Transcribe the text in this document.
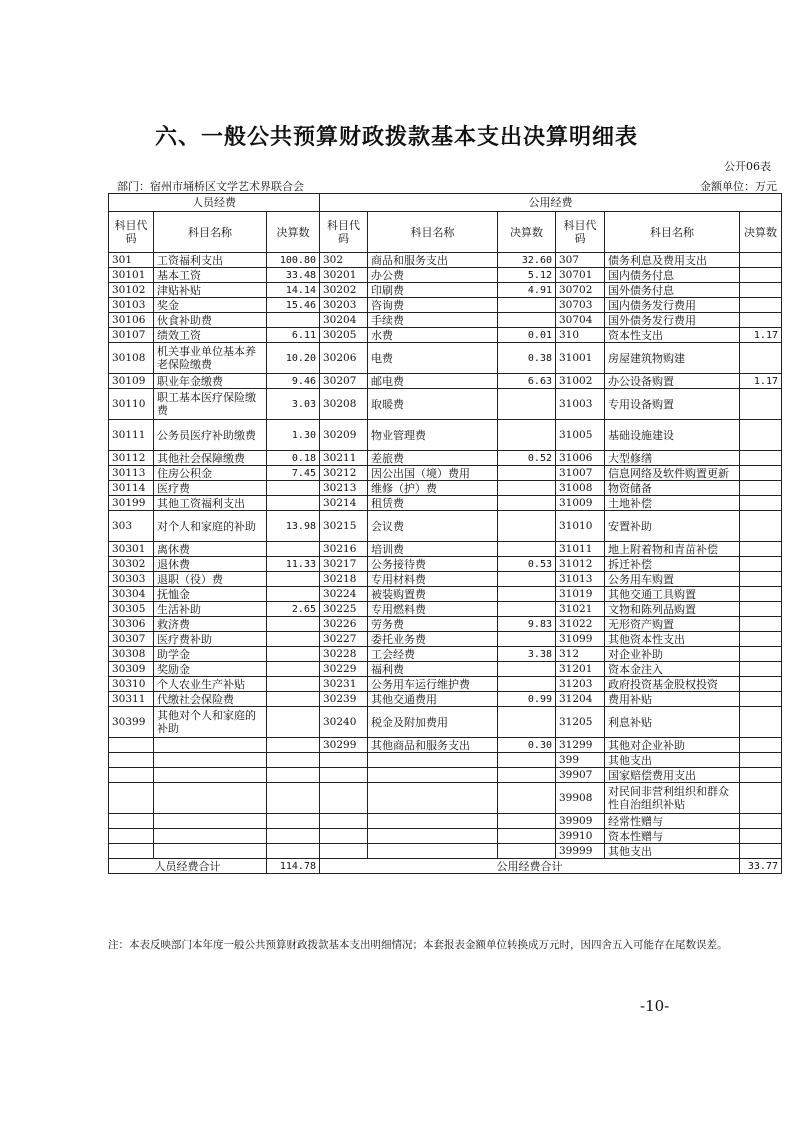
六、一般公共预算财政拨款基本支出决算明细表
公开06表
部门：宿州市埇桥区文学艺术界联合会	金额单位：万元
人员经费			公用经费					
科目代码	科目名称	决算数	科目代码	科目名称	决算数	科目代码	科目名称	决算数
301	工资福利支出	100.80	302	商品和服务支出	32.60	307	债务利息及费用支出	
30101	基本工资	33.48	30201	办公费	5.12	30701	国内债务付息	
30102	津贴补贴	14.14	30202	印刷费	4.91	30702	国外债务付息	
30103	奖金	15.46	30203	咨询费		30703	国内债务发行费用	
30106	伙食补助费		30204	手续费		30704	国外债务发行费用	
30107	绩效工资	6.11	30205	水费	0.01	310	资本性支出	1.17
30108	机关事业单位基本养老保险缴费	10.20	30206	电费	0.38	31001	房屋建筑物购建	
30109	职业年金缴费	9.46	30207	邮电费	6.63	31002	办公设备购置	1.17
30110	职工基本医疗保险缴费	3.03	30208	取暖费		31003	专用设备购置	
30111	公务员医疗补助缴费	1.30	30209	物业管理费		31005	基础设施建设	
30112	其他社会保障缴费	0.18	30211	差旅费	0.52	31006	大型修缮	
30113	住房公积金	7.45	30212	因公出国（境）费用		31007	信息网络及软件购置更新	
30114	医疗费		30213	维修（护）费		31008	物资储备	
30199	其他工资福利支出		30214	租赁费		31009	土地补偿	
303	对个人和家庭的补助	13.98	30215	会议费		31010	安置补助	
30301	离休费		30216	培训费		31011	地上附着物和青苗补偿	
30302	退休费	11.33	30217	公务接待费	0.53	31012	拆迁补偿	
30303	退职（役）费		30218	专用材料费		31013	公务用车购置	
30304	抚恤金		30224	被装购置费		31019	其他交通工具购置	
30305	生活补助	2.65	30225	专用燃料费		31021	文物和陈列品购置	
30306	救济费		30226	劳务费	9.83	31022	无形资产购置	
30307	医疗费补助		30227	委托业务费		31099	其他资本性支出	
30308	助学金		30228	工会经费	3.38	312	对企业补助	
30309	奖励金		30229	福利费		31201	资本金注入	
30310	个人农业生产补贴		30231	公务用车运行维护费		31203	政府投资基金股权投资	
30311	代缴社会保险费		30239	其他交通费用	0.99	31204	费用补贴	
30399	其他对个人和家庭的补助		30240	税金及附加费用		31205	利息补贴	
			30299	其他商品和服务支出	0.30	31299	其他对企业补助	
						399	其他支出	
						39907	国家赔偿费用支出	
						39908	对民间非营利组织和群众性自治组织补贴	
						39909	经常性赠与	
						39910	资本性赠与	
						39999	其他支出	
人员经费合计		114.78	公用经费合计					33.77
注：本表反映部门本年度一般公共预算财政拨款基本支出明细情况；本套报表金额单位转换成万元时，因四舍五入可能存在尾数误差。
-10-
